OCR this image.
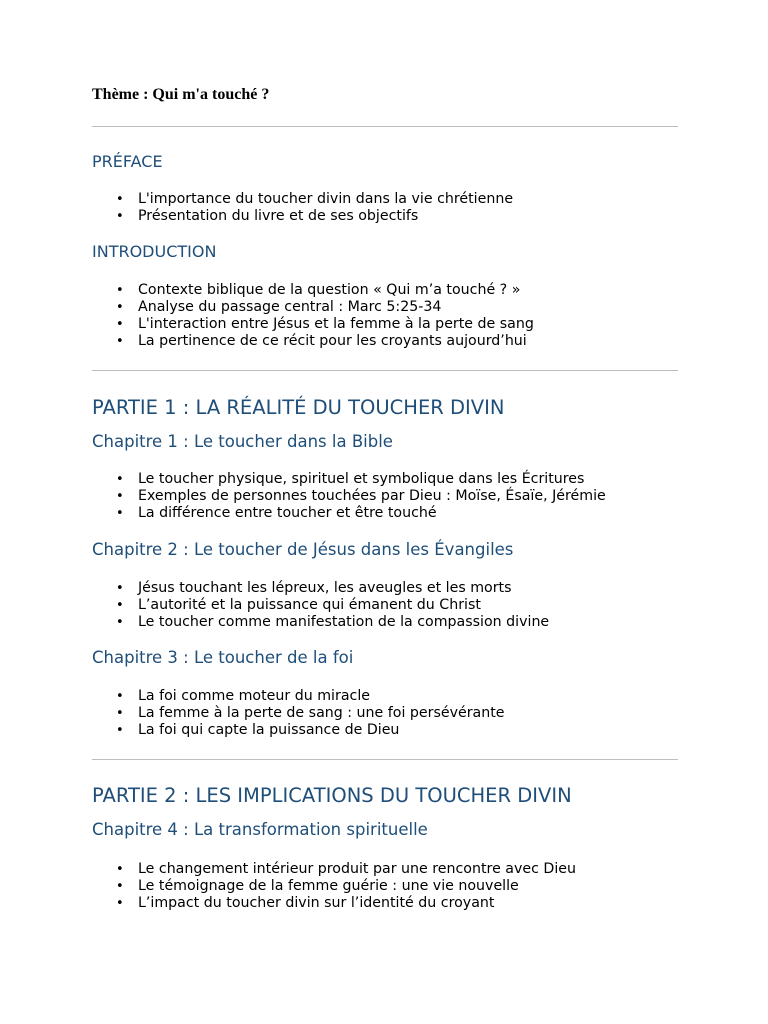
Thème : Qui m'a touché ?
PRÉFACE
• L'importance du toucher divin dans la vie chrétienne
• Présentation du livre et de ses objectifs
INTRODUCTION
• Contexte biblique de la question « Qui m’a touché ? »
• Analyse du passage central : Marc 5:25-34
• L'interaction entre Jésus et la femme à la perte de sang
• La pertinence de ce récit pour les croyants aujourd’hui
PARTIE 1 : LA RÉALITÉ DU TOUCHER DIVIN
Chapitre 1 : Le toucher dans la Bible
• Le toucher physique, spirituel et symbolique dans les Écritures
• Exemples de personnes touchées par Dieu : Moïse, Ésaïe, Jérémie
• La différence entre toucher et être touché
Chapitre 2 : Le toucher de Jésus dans les Évangiles
• Jésus touchant les lépreux, les aveugles et les morts
• L’autorité et la puissance qui émanent du Christ
• Le toucher comme manifestation de la compassion divine
Chapitre 3 : Le toucher de la foi
• La foi comme moteur du miracle
• La femme à la perte de sang : une foi persévérante
• La foi qui capte la puissance de Dieu
PARTIE 2 : LES IMPLICATIONS DU TOUCHER DIVIN
Chapitre 4 : La transformation spirituelle
• Le changement intérieur produit par une rencontre avec Dieu
• Le témoignage de la femme guérie : une vie nouvelle
• L’impact du toucher divin sur l’identité du croyant
